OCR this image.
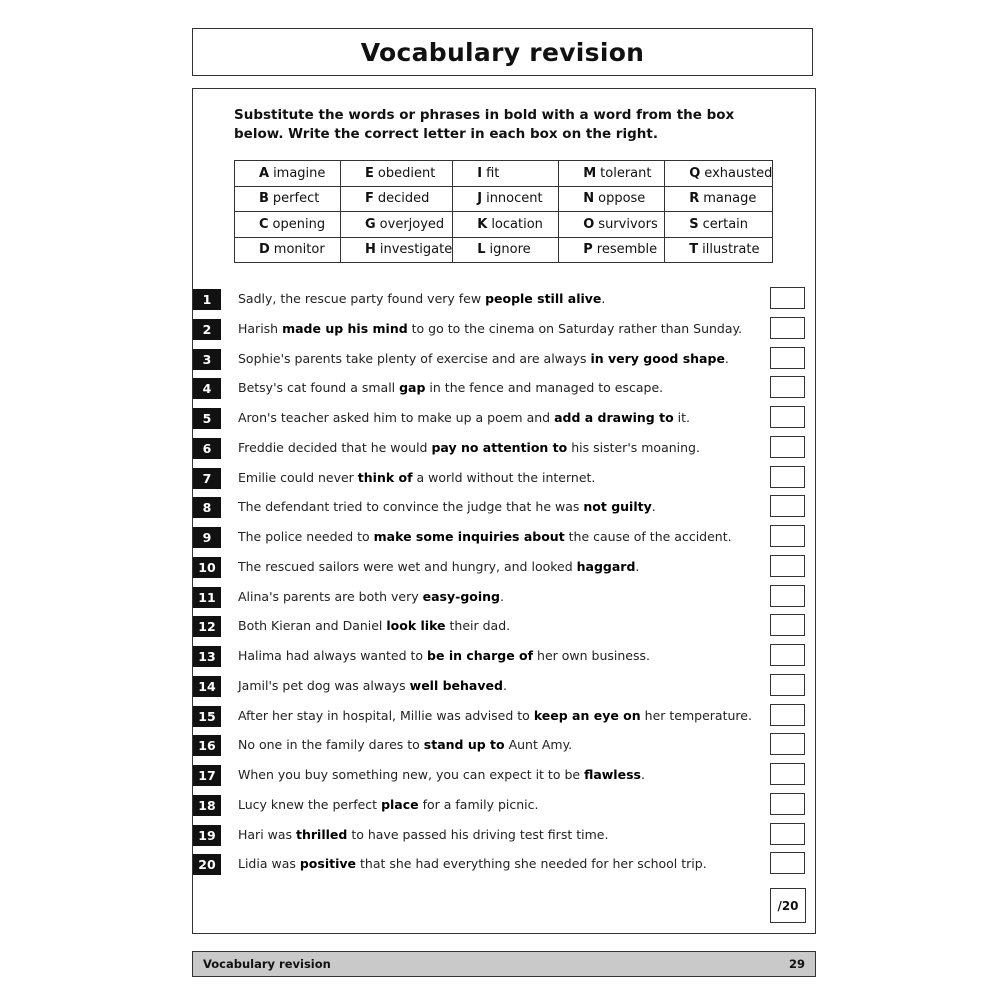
Vocabulary revision
Substitute the words or phrases in bold with a word from the box below. Write the correct letter in each box on the right.
A imagine	E obedient	I fit	M tolerant	Q exhausted
B perfect	F decided	J innocent	N oppose	R manage
C opening	G overjoyed	K location	O survivors	S certain
D monitor	H investigate	L ignore	P resemble	T illustrate
1	Sadly, the rescue party found very few people still alive.
2	Harish made up his mind to go to the cinema on Saturday rather than Sunday.
3	Sophie's parents take plenty of exercise and are always in very good shape.
4	Betsy's cat found a small gap in the fence and managed to escape.
5	Aron's teacher asked him to make up a poem and add a drawing to it.
6	Freddie decided that he would pay no attention to his sister's moaning.
7	Emilie could never think of a world without the internet.
8	The defendant tried to convince the judge that he was not guilty.
9	The police needed to make some inquiries about the cause of the accident.
10	The rescued sailors were wet and hungry, and looked haggard.
11	Alina's parents are both very easy-going.
12	Both Kieran and Daniel look like their dad.
13	Halima had always wanted to be in charge of her own business.
14	Jamil's pet dog was always well behaved.
15	After her stay in hospital, Millie was advised to keep an eye on her temperature.
16	No one in the family dares to stand up to Aunt Amy.
17	When you buy something new, you can expect it to be flawless.
18	Lucy knew the perfect place for a family picnic.
19	Hari was thrilled to have passed his driving test first time.
20	Lidia was positive that she had everything she needed for her school trip.
/20
Vocabulary revision	29
